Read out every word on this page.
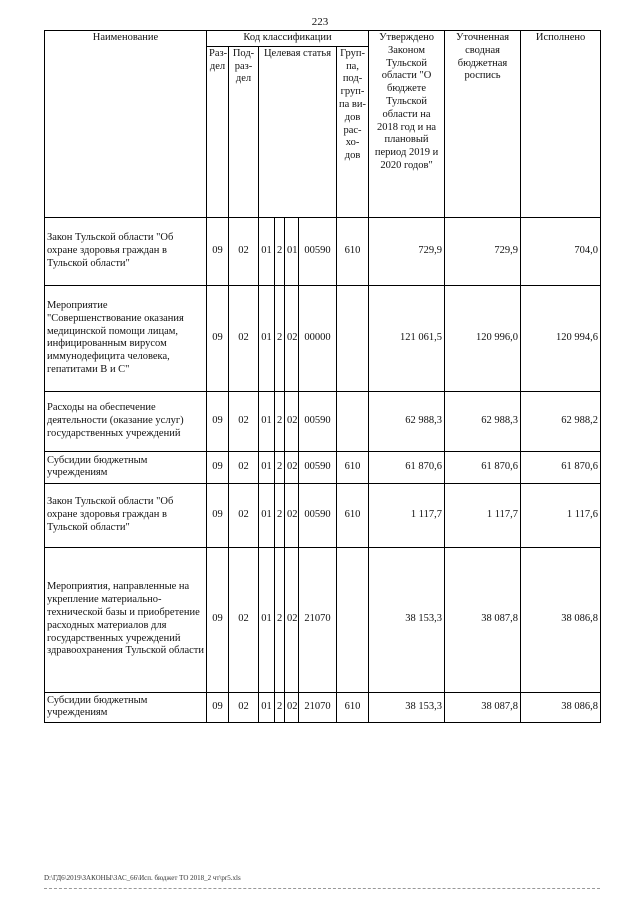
223
Наименование	Код классификации							Утверждено Законом Тульской области "О бюджете Тульской области на 2018 год и на плановый период 2019 и 2020 годов"	Уточненная сводная бюджетная роспись	Исполнено
	Раз-дел	Под-раз-дел	Целевая статья				Груп-па, под-груп-па ви-дов рас-хо-дов			
Закон Тульской области "Об охране здоровья граждан в Тульской области"	09	02	01	2	01	00590	610	729,9	729,9	704,0
Мероприятие "Совершенствование оказания медицинской помощи лицам, инфицированным вирусом иммунодефицита человека, гепатитами В и С"	09	02	01	2	02	00000		121 061,5	120 996,0	120 994,6
Расходы на обеспечение деятельности (оказание услуг) государственных учреждений	09	02	01	2	02	00590		62 988,3	62 988,3	62 988,2
Субсидии бюджетным учреждениям	09	02	01	2	02	00590	610	61 870,6	61 870,6	61 870,6
Закон Тульской области "Об охране здоровья граждан в Тульской области"	09	02	01	2	02	00590	610	1 117,7	1 117,7	1 117,6
Мероприятия, направленные на укрепление материально-технической базы и приобретение расходных материалов для государственных учреждений здравоохранения Тульской области	09	02	01	2	02	21070		38 153,3	38 087,8	38 086,8
Субсидии бюджетным учреждениям	09	02	01	2	02	21070	610	38 153,3	38 087,8	38 086,8
D:\ГД6\2019\ЗАКОНЫ\ЗАС_66\Исп. бюджет ТО 2018_2 чт\pr5.xls
